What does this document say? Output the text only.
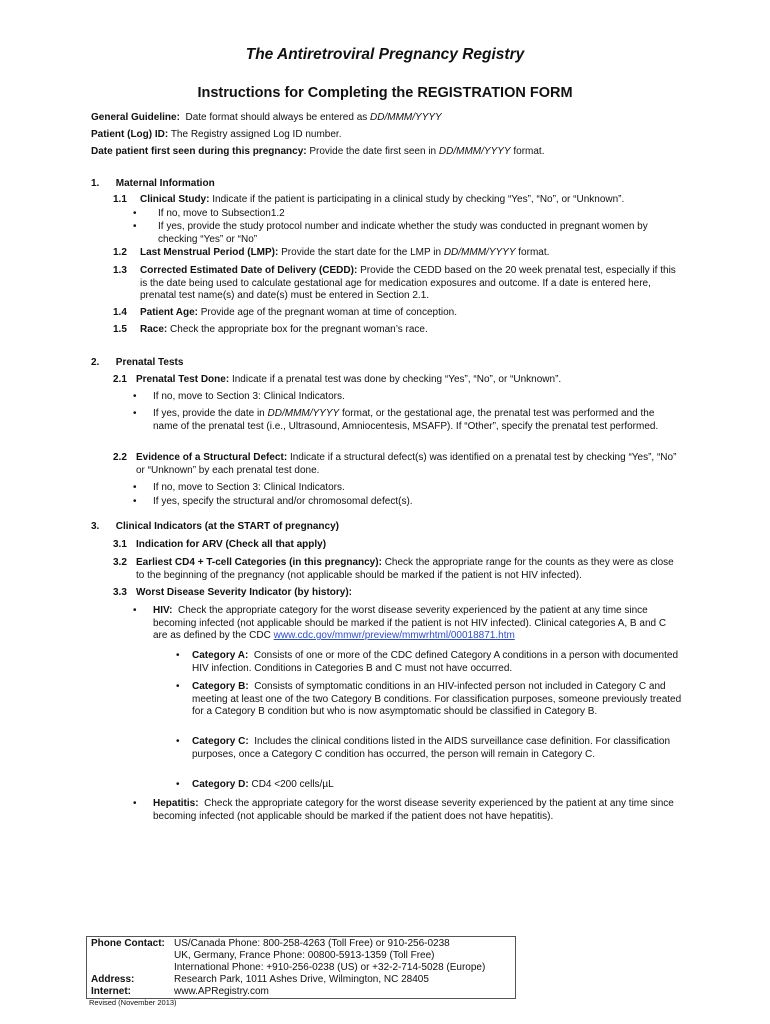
The Antiretroviral Pregnancy Registry
Instructions for Completing the REGISTRATION FORM
General Guideline: Date format should always be entered as DD/MMM/YYYY
Patient (Log) ID: The Registry assigned Log ID number.
Date patient first seen during this pregnancy: Provide the date first seen in DD/MMM/YYYY format.
1. Maternal Information
1.1 Clinical Study: Indicate if the patient is participating in a clinical study by checking “Yes”, “No”, or “Unknown”.
• If no, move to Subsection1.2
• If yes, provide the study protocol number and indicate whether the study was conducted in pregnant women by checking “Yes” or “No”
1.2 Last Menstrual Period (LMP): Provide the start date for the LMP in DD/MMM/YYYY format.
1.3 Corrected Estimated Date of Delivery (CEDD): Provide the CEDD based on the 20 week prenatal test, especially if this is the date being used to calculate gestational age for medication exposures and outcome. If a date is entered here, prenatal test name(s) and date(s) must be entered in Section 2.1.
1.4 Patient Age: Provide age of the pregnant woman at time of conception.
1.5 Race: Check the appropriate box for the pregnant woman’s race.
2. Prenatal Tests
2.1 Prenatal Test Done: Indicate if a prenatal test was done by checking “Yes”, “No”, or “Unknown”.
• If no, move to Section 3: Clinical Indicators.
• If yes, provide the date in DD/MMM/YYYY format, or the gestational age, the prenatal test was performed and the name of the prenatal test (i.e., Ultrasound, Amniocentesis, MSAFP). If “Other”, specify the prenatal test performed.
2.2 Evidence of a Structural Defect: Indicate if a structural defect(s) was identified on a prenatal test by checking “Yes”, “No” or “Unknown” by each prenatal test done.
• If no, move to Section 3: Clinical Indicators.
• If yes, specify the structural and/or chromosomal defect(s).
3. Clinical Indicators (at the START of pregnancy)
3.1 Indication for ARV (Check all that apply)
3.2 Earliest CD4 + T-cell Categories (in this pregnancy): Check the appropriate range for the counts as they were as close to the beginning of the pregnancy (not applicable should be marked if the patient is not HIV infected).
3.3 Worst Disease Severity Indicator (by history):
• HIV: Check the appropriate category for the worst disease severity experienced by the patient at any time since becoming infected (not applicable should be marked if the patient is not HIV infected). Clinical categories A, B and C are as defined by the CDC www.cdc.gov/mmwr/preview/mmwrhtml/00018871.htm
• Category A: Consists of one or more of the CDC defined Category A conditions in a person with documented HIV infection. Conditions in Categories B and C must not have occurred.
• Category B: Consists of symptomatic conditions in an HIV-infected person not included in Category C and meeting at least one of the two Category B conditions. For classification purposes, someone previously treated for a Category B condition but who is now asymptomatic should be classified in Category B.
• Category C: Includes the clinical conditions listed in the AIDS surveillance case definition. For classification purposes, once a Category C condition has occurred, the person will remain in Category C.
• Category D: CD4 <200 cells/µL
• Hepatitis: Check the appropriate category for the worst disease severity experienced by the patient at any time since becoming infected (not applicable should be marked if the patient does not have hepatitis).
Phone Contact: US/Canada Phone: 800-258-4263 (Toll Free) or 910-256-0238
UK, Germany, France Phone: 00800-5913-1359 (Toll Free)
International Phone: +910-256-0238 (US) or +32-2-714-5028 (Europe)
Address:	Research Park, 1011 Ashes Drive, Wilmington, NC 28405
Internet:	www.APRegistry.com
Revised (November 2013)
